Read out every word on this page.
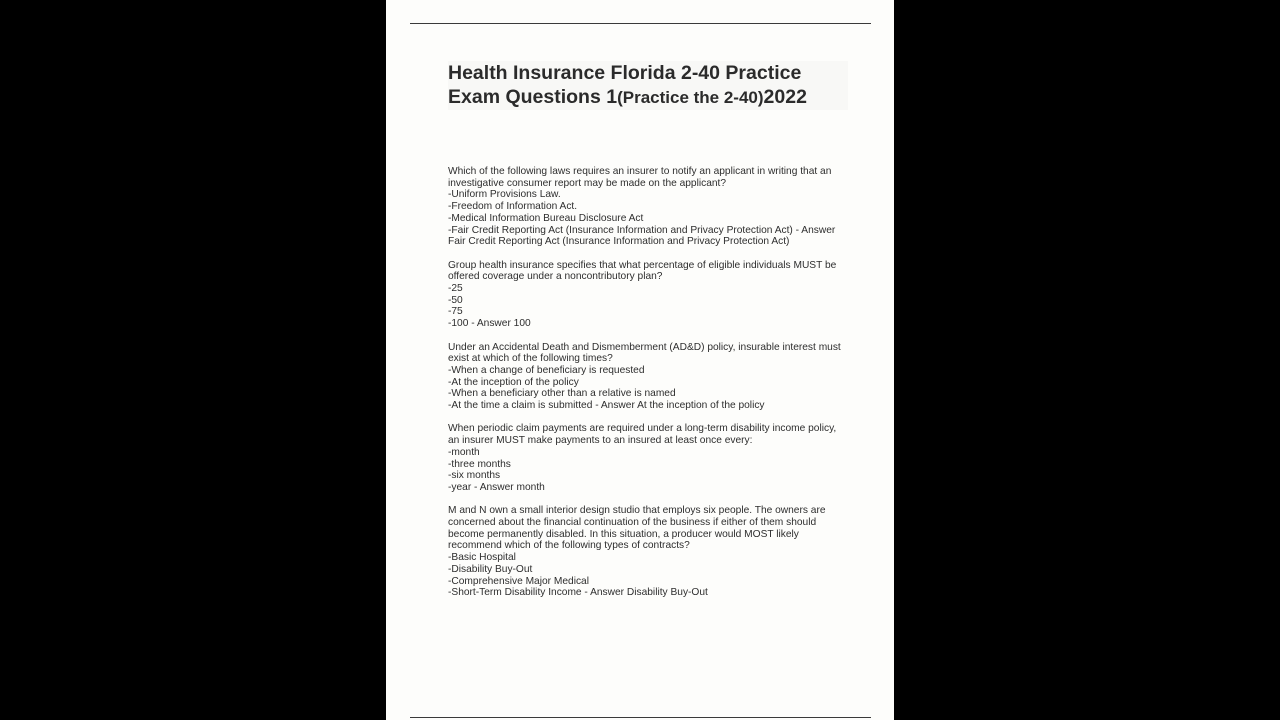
Health Insurance Florida 2-40 Practice
Exam Questions 1(Practice the 2-40)2022
Which of the following laws requires an insurer to notify an applicant in writing that an
investigative consumer report may be made on the applicant?
-Uniform Provisions Law.
-Freedom of Information Act.
-Medical Information Bureau Disclosure Act
-Fair Credit Reporting Act (Insurance Information and Privacy Protection Act) - Answer
Fair Credit Reporting Act (Insurance Information and Privacy Protection Act)
Group health insurance specifies that what percentage of eligible individuals MUST be
offered coverage under a noncontributory plan?
-25
-50
-75
-100 - Answer 100
Under an Accidental Death and Dismemberment (AD&D) policy, insurable interest must
exist at which of the following times?
-When a change of beneficiary is requested
-At the inception of the policy
-When a beneficiary other than a relative is named
-At the time a claim is submitted - Answer At the inception of the policy
When periodic claim payments are required under a long-term disability income policy,
an insurer MUST make payments to an insured at least once every:
-month
-three months
-six months
-year - Answer month
M and N own a small interior design studio that employs six people. The owners are
concerned about the financial continuation of the business if either of them should
become permanently disabled. In this situation, a producer would MOST likely
recommend which of the following types of contracts?
-Basic Hospital
-Disability Buy-Out
-Comprehensive Major Medical
-Short-Term Disability Income - Answer Disability Buy-Out
